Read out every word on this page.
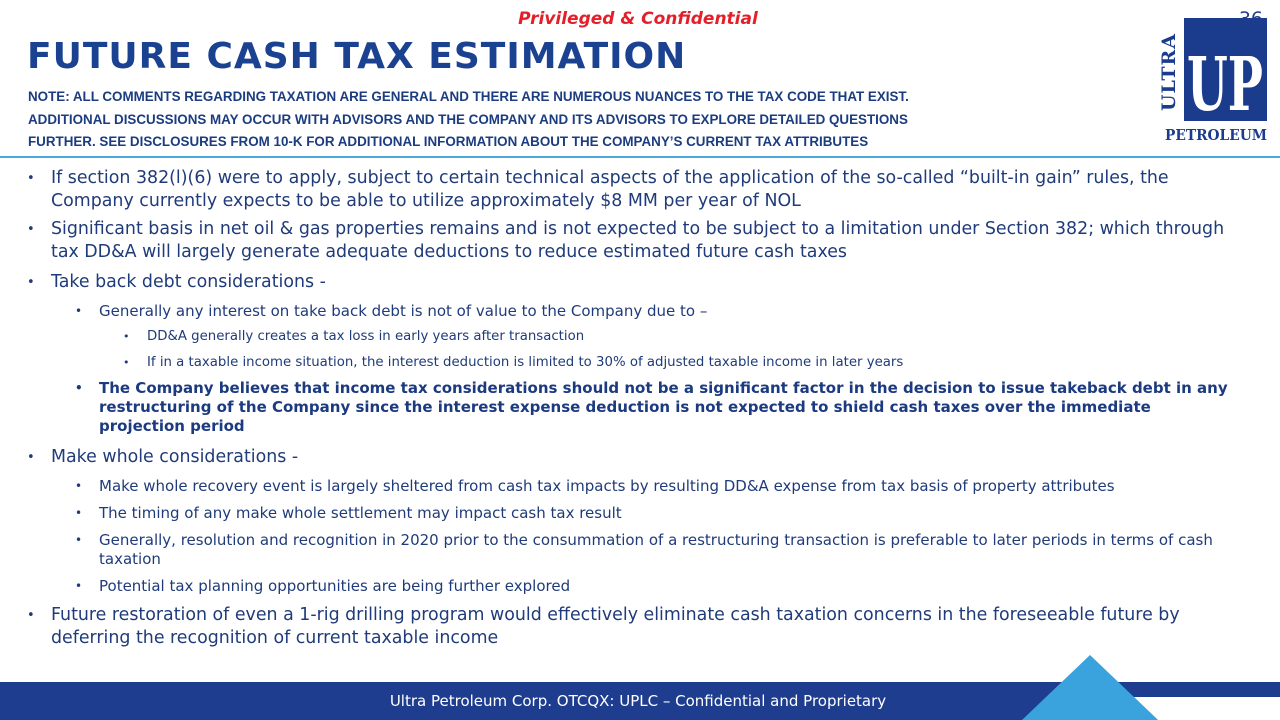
Privileged & Confidential
FUTURE CASH TAX ESTIMATION
NOTE: ALL COMMENTS REGARDING TAXATION ARE GENERAL AND THERE ARE NUMEROUS NUANCES TO THE TAX CODE THAT EXIST.
ADDITIONAL DISCUSSIONS MAY OCCUR WITH ADVISORS AND THE COMPANY AND ITS ADVISORS TO EXPLORE DETAILED QUESTIONS
FURTHER. SEE DISCLOSURES FROM 10-K FOR ADDITIONAL INFORMATION ABOUT THE COMPANY’S CURRENT TAX ATTRIBUTES
ULTRA UP
PETROLEUM
• If section 382(l)(6) were to apply, subject to certain technical aspects of the application of the so-called “built-in gain” rules, the Company currently expects to be able to utilize approximately $8 MM per year of NOL
• Significant basis in net oil & gas properties remains and is not expected to be subject to a limitation under Section 382; which through tax DD&A will largely generate adequate deductions to reduce estimated future cash taxes
• Take back debt considerations -
•	Generally any interest on take back debt is not of value to the Company due to –
•	DD&A generally creates a tax loss in early years after transaction
•	If in a taxable income situation, the interest deduction is limited to 30% of adjusted taxable income in later years
•	The Company believes that income tax considerations should not be a significant factor in the decision to issue takeback debt in any restructuring of the Company since the interest expense deduction is not expected to shield cash taxes over the immediate projection period
• Make whole considerations -
•	Make whole recovery event is largely sheltered from cash tax impacts by resulting DD&A expense from tax basis of property attributes
•	The timing of any make whole settlement may impact cash tax result
•	Generally, resolution and recognition in 2020 prior to the consummation of a restructuring transaction is preferable to later periods in terms of cash taxation
•	Potential tax planning opportunities are being further explored
• Future restoration of even a 1-rig drilling program would effectively eliminate cash taxation concerns in the foreseeable future by deferring the recognition of current taxable income
Ultra Petroleum Corp. OTCQX: UPLC – Confidential and Proprietary
36
